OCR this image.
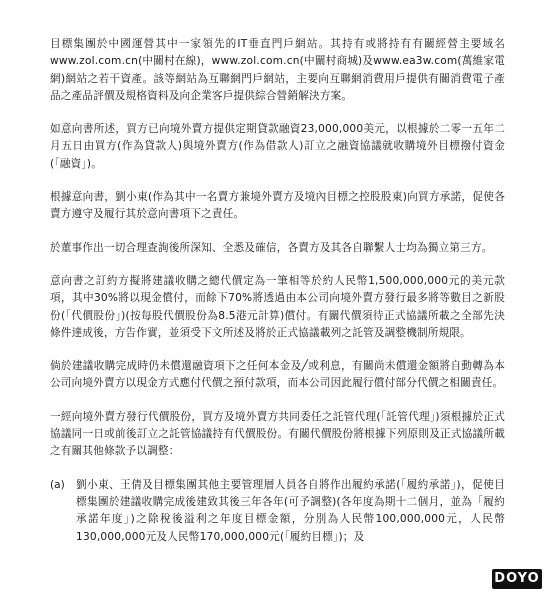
目標集團於中國運營其中一家領先的IT垂直門戶網站。其持有或將持有有關經營主要域名www.zol.com.cn(中關村在線)，www.zol.com.cn(中關村商城)及www.ea3w.com(萬維家電網)網站之若干資產。該等網站為互聯網門戶網站，主要向互聯網消費用戶提供有關消費電子產品之產品評價及規格資料及向企業客戶提供綜合營銷解決方案。

如意向書所述，買方已向境外賣方提供定期貸款融資23,000,000美元，以根據於二零一五年二月五日由買方(作為貸款人)與境外賣方(作為借款人)訂立之融資協議就收購境外目標撥付資金(「融資」)。

根據意向書，劉小東(作為其中一名賣方兼境外賣方及境內目標之控股股東)向買方承諾，促使各賣方遵守及履行其於意向書項下之責任。

於董事作出一切合理查詢後所深知、全悉及確信，各賣方及其各自聯繫人士均為獨立第三方。

意向書之訂約方擬將建議收購之總代價定為一筆相等於約人民幣1,500,000,000元的美元款項，其中30%將以現金償付，而餘下70%將透過由本公司向境外賣方發行最多將等數目之新股份(「代價股份」)(按每股代價股份為8.5港元計算)償付。有關代價須待正式協議所載之全部先決條件達成後，方告作實，並須受下文所述及將於正式協議載列之託管及調整機制所規限。

倘於建議收購完成時仍未償還融資項下之任何本金及╱或利息，有關尚未償還金額將自動轉為本公司向境外賣方以現金方式應付代價之預付款項，而本公司因此履行償付部分代價之相關責任。

一經向境外賣方發行代價股份，買方及境外賣方共同委任之託管代理(「託管代理」)須根據於正式協議同一日或前後訂立之託管協議持有代價股份。有關代價股份將根據下列原則及正式協議所載之有關其他條款予以調整：

(a)	劉小東、王倩及目標集團其他主要管理層人員各自將作出履約承諾(「履約承諾」)，促使目標集團於建議收購完成後建致其後三年各年(可予調整)(各年度為期十二個月，並為「履約承諾年度」)之除稅後溢利之年度目標金額，分別為人民幣100,000,000元，人民幣130,000,000元及人民幣170,000,000元(「履約目標」)；及

DOYO
